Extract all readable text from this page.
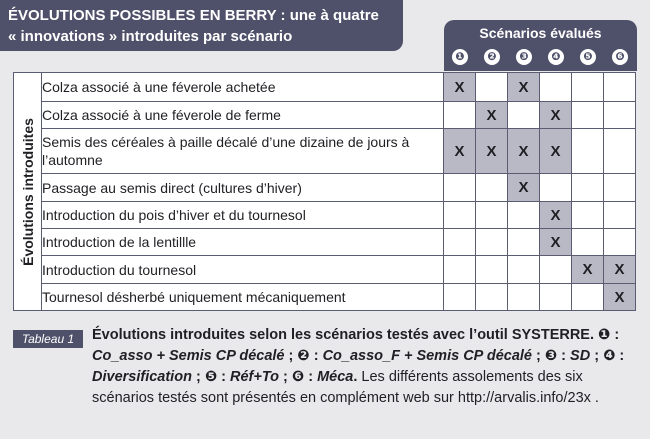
ÉVOLUTIONS POSSIBLES EN BERRY : une à quatre
« innovations » introduites par scénario	Scénarios évalués
❶	❷	❸	❹	❺	❻
Évolutions introduites	Colza associé à une féverole achetée	X		X			
	Colza associé à une féverole de ferme		X		X		
	Semis des céréales à paille décalé d’une dizaine de jours à l’automne	X	X	X	X		
	Passage au semis direct (cultures d’hiver)			X			
	Introduction du pois d’hiver et du tournesol				X		
	Introduction de la lentillle				X		
	Introduction du tournesol					X	X
	Tournesol désherbé uniquement mécaniquement						X
Tableau 1	Évolutions introduites selon les scénarios testés avec l’outil SYSTERRE. ❶ : Co_asso + Semis CP décalé ; ❷ : Co_asso_F + Semis CP décalé ; ❸ : SD ; ❹ : Diversification ; ❺ : Réf+To ; ❻ : Méca. Les différents assolements des six scénarios testés sont présentés en complément web sur http://arvalis.info/23x .
